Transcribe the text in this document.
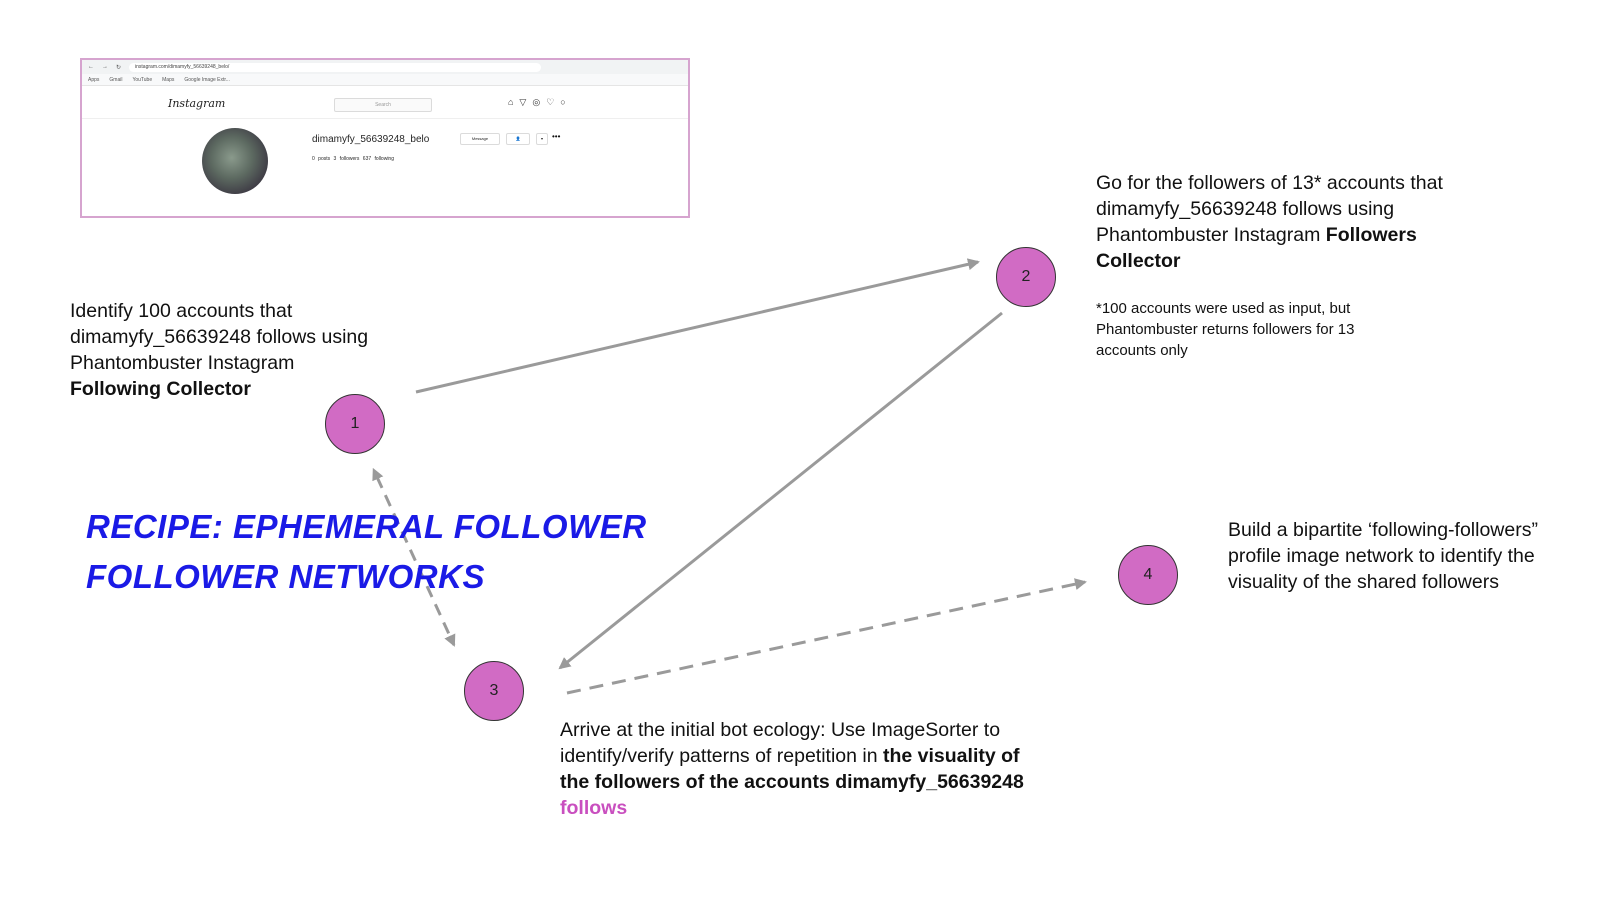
← → ↻	instagram.com/dimamyfy_56639248_belo/
Apps Gmail YouTube Maps Google Image Extr...
Instagram	Search	⌂▽◎♡○
dimamyfy_56639248_belo	Message	👤	▾	•••
0 posts 3 followers 637 following
1
2
3
4
Identify 100 accounts that dimamyfy_56639248 follows using Phantombuster Instagram Following Collector
Go for the followers of 13* accounts that dimamyfy_56639248 follows using Phantombuster Instagram Followers Collector
*100 accounts were used as input, but Phantombuster returns followers for 13 accounts only
Arrive at the initial bot ecology: Use ImageSorter to identify/verify patterns of repetition in the visuality of the followers of the accounts dimamyfy_56639248 follows
Build a bipartite ‘following-followers” profile image network to identify the visuality of the shared followers
RECIPE: EPHEMERAL FOLLOWER
FOLLOWER NETWORKS
